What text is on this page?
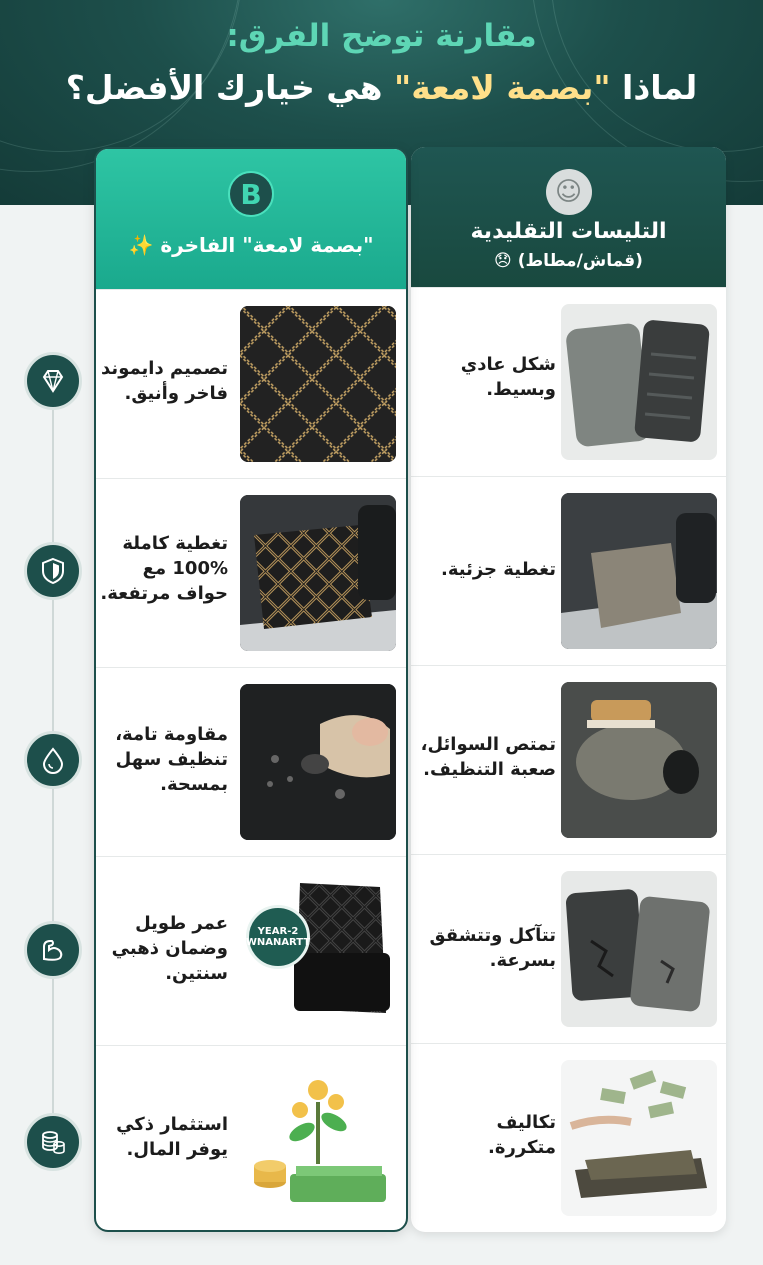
مقارنة توضح الفرق:
لماذا "بصمة لامعة" هي خيارك الأفضل؟
☺
التليسات التقليدية
(قماش/مطاط) 😞
شكل عادي
وبسيط.
تغطية جزئية.
تمتص السوائل،
صعبة التنظيف.
تتآكل وتتشقق
بسرعة.
تكاليف
متكررة.
B
"بصمة لامعة" الفاخرة ✨
تصميم دايموند
فاخر وأنيق.
تغطية كاملة
100% مع
حواف مرتفعة.
مقاومة تامة،
تنظيف سهل
بمسحة.
عمر طويل
وضمان ذهبي
سنتين.
2-YEAR WNANARTT
استثمار ذكي
يوفر المال.
